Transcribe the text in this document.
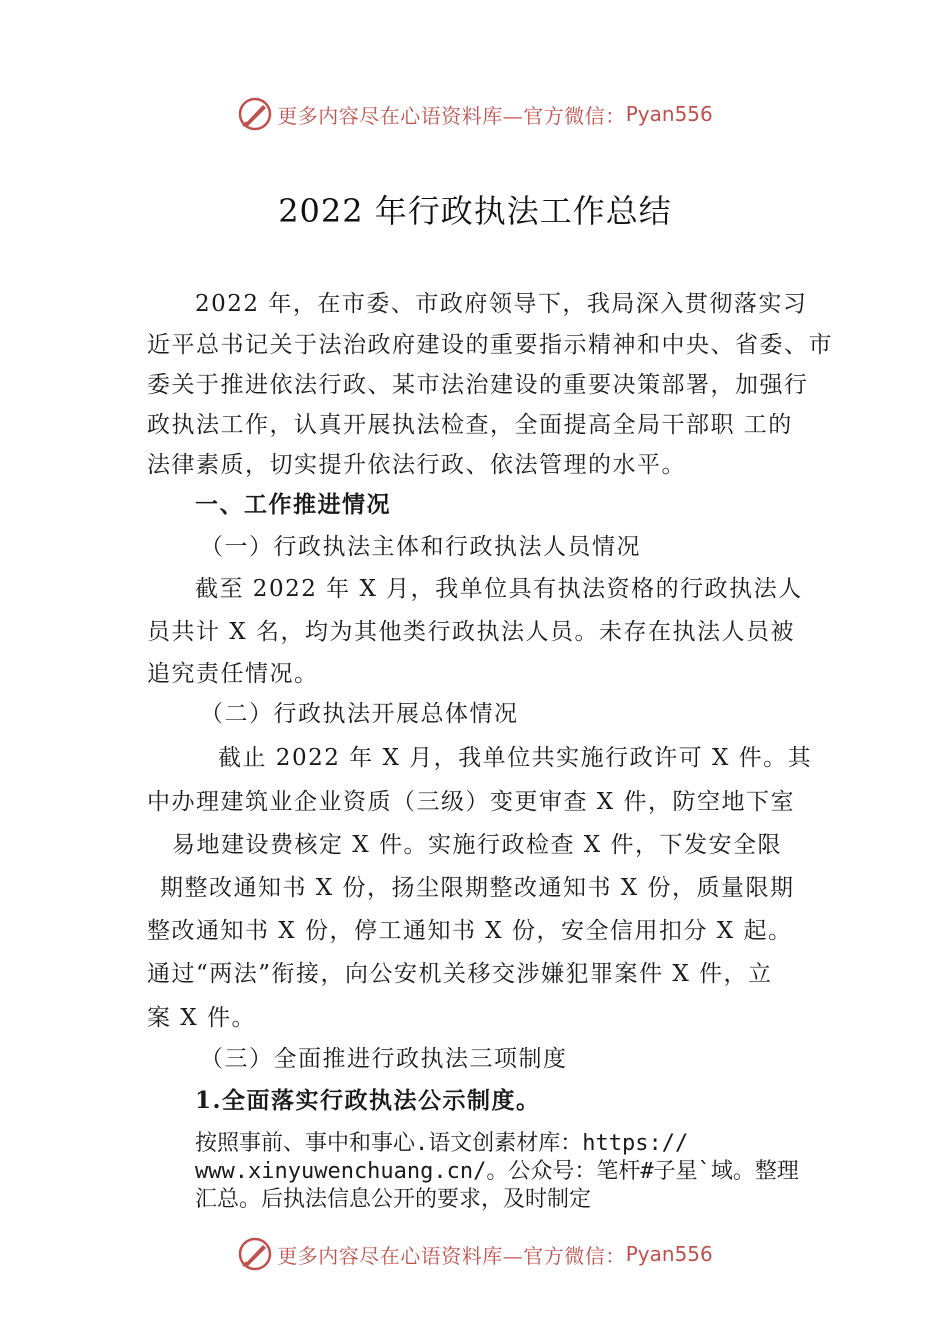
更多内容尽在心语资料库—官方微信： Pyan556
2022 年行政执法工作总结
2022 年，在市委、市政府领导下，我局深入贯彻落实习
近平总书记关于法治政府建设的重要指示精神和中央、省委、市
委关于推进依法行政、某市法治建设的重要决策部署，加强行
政执法工作，认真开展执法检查，全面提高全局干部职 工的
法律素质，切实提升依法行政、依法管理的水平。
一、工作推进情况
（一）行政执法主体和行政执法人员情况
截至 2022 年 X 月，我单位具有执法资格的行政执法人
员共计 X 名，均为其他类行政执法人员。未存在执法人员被
追究责任情况。
（二）行政执法开展总体情况
截止 2022 年 X 月，我单位共实施行政许可 X 件。其
中办理建筑业企业资质（三级）变更审查 X 件，防空地下室
易地建设费核定 X 件。实施行政检查 X 件，下发安全限
期整改通知书 X 份，扬尘限期整改通知书 X 份，质量限期
整改通知书 X 份，停工通知书 X 份，安全信用扣分 X 起。
通过“两法”衔接，向公安机关移交涉嫌犯罪案件 X 件，立
案 X 件。
（三）全面推进行政执法三项制度
1.全面落实行政执法公示制度。
按照事前、事中和事心.语文创素材库：https://
www.xinyuwenchuang.cn/。公众号：笔杆#子星`域。整理
汇总。后执法信息公开的要求，及时制定
更多内容尽在心语资料库—官方微信： Pyan556
